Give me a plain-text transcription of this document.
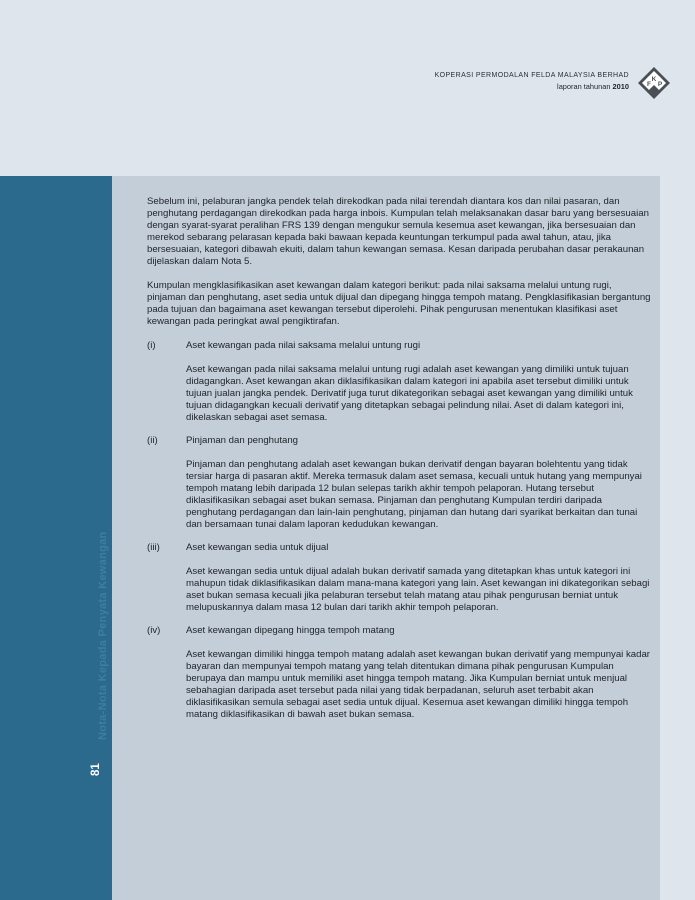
KOPERASI PERMODALAN FELDA MALAYSIA BERHAD
laporan tahunan 2010
K
P
F
Nota-Nota Kepada Penyata Kewangan
81

Sebelum ini, pelaburan jangka pendek telah direkodkan pada nilai terendah diantara kos dan nilai pasaran, dan penghutang perdagangan direkodkan pada harga inbois. Kumpulan telah melaksanakan dasar baru yang bersesuaian dengan syarat-syarat peralihan FRS 139 dengan mengukur semula kesemua aset kewangan, jika bersesuaian dan merekod sebarang pelarasan kepada baki bawaan kepada keuntungan terkumpul pada awal tahun, atau, jika bersesuaian, kategori dibawah ekuiti, dalam tahun kewangan semasa. Kesan daripada perubahan dasar perakaunan dijelaskan dalam Nota 5.

Kumpulan mengklasifikasikan aset kewangan dalam kategori berikut: pada nilai saksama melalui untung rugi, pinjaman dan penghutang, aset sedia untuk dijual dan dipegang hingga tempoh matang. Pengklasifikasian bergantung pada tujuan dan bagaimana aset kewangan tersebut diperolehi. Pihak pengurusan menentukan klasifikasi aset kewangan pada peringkat awal pengiktirafan.

(i)	Aset kewangan pada nilai saksama melalui untung rugi
Aset kewangan pada nilai saksama melalui untung rugi adalah aset kewangan yang dimiliki untuk tujuan didagangkan. Aset kewangan akan diklasifikasikan dalam kategori ini apabila aset tersebut dimiliki untuk tujuan jualan jangka pendek. Derivatif juga turut dikategorikan sebagai aset kewangan yang dimiliki untuk tujuan didagangkan kecuali derivatif yang ditetapkan sebagai pelindung nilai. Aset di dalam kategori ini, dikelaskan sebagai aset semasa.
(ii)	Pinjaman dan penghutang
Pinjaman dan penghutang adalah aset kewangan bukan derivatif dengan bayaran bolehtentu yang tidak tersiar harga di pasaran aktif. Mereka termasuk dalam aset semasa, kecuali untuk hutang yang mempunyai tempoh matang lebih daripada 12 bulan selepas tarikh akhir tempoh pelaporan. Hutang tersebut diklasifikasikan sebagai aset bukan semasa. Pinjaman dan penghutang Kumpulan terdiri daripada penghutang perdagangan dan lain-lain penghutang, pinjaman dan hutang dari syarikat berkaitan dan tunai dan bersamaan tunai dalam laporan kedudukan kewangan.
(iii)	Aset kewangan sedia untuk dijual
Aset kewangan sedia untuk dijual adalah bukan derivatif samada yang ditetapkan khas untuk kategori ini mahupun tidak diklasifikasikan dalam mana-mana kategori yang lain. Aset kewangan ini dikategorikan sebagi aset bukan semasa kecuali jika pelaburan tersebut telah matang atau pihak pengurusan berniat untuk melupuskannya dalam masa 12 bulan dari tarikh akhir tempoh pelaporan.
(iv)	Aset kewangan dipegang hingga tempoh matang
Aset kewangan dimiliki hingga tempoh matang adalah aset kewangan bukan derivatif yang mempunyai kadar bayaran dan mempunyai tempoh matang yang telah ditentukan dimana pihak pengurusan Kumpulan berupaya dan mampu untuk memiliki aset hingga tempoh matang. Jika Kumpulan berniat untuk menjual sebahagian daripada aset tersebut pada nilai yang tidak berpadanan, seluruh aset terbabit akan diklasifikasikan semula sebagai aset sedia untuk dijual. Kesemua aset kewangan dimiliki hingga tempoh matang diklasifikasikan di bawah aset bukan semasa.
